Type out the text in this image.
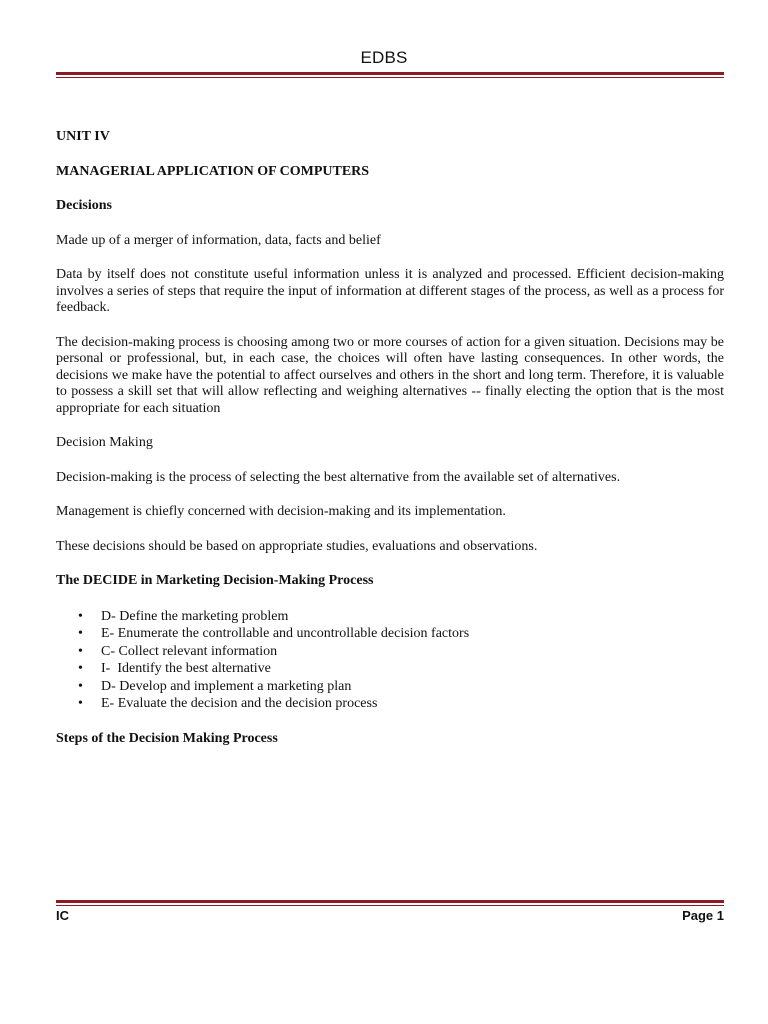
EDBS

UNIT IV

MANAGERIAL APPLICATION OF COMPUTERS

Decisions

Made up of a merger of information, data, facts and belief

Data by itself does not constitute useful information unless it is analyzed and processed. Efficient decision-making involves a series of steps that require the input of information at different stages of the process, as well as a process for feedback.

The decision-making process is choosing among two or more courses of action for a given situation. Decisions may be personal or professional, but, in each case, the choices will often have lasting consequences. In other words, the decisions we make have the potential to affect ourselves and others in the short and long term. Therefore, it is valuable to possess a skill set that will allow reflecting and weighing alternatives -- finally electing the option that is the most appropriate for each situation

Decision Making

Decision-making is the process of selecting the best alternative from the available set of alternatives.

Management is chiefly concerned with decision-making and its implementation.

These decisions should be based on appropriate studies, evaluations and observations.

The DECIDE in Marketing Decision-Making Process

• D- Define the marketing problem
• E- Enumerate the controllable and uncontrollable decision factors
• C- Collect relevant information
• I-  Identify the best alternative
• D- Develop and implement a marketing plan
• E- Evaluate the decision and the decision process

Steps of the Decision Making Process

IC	Page 1
